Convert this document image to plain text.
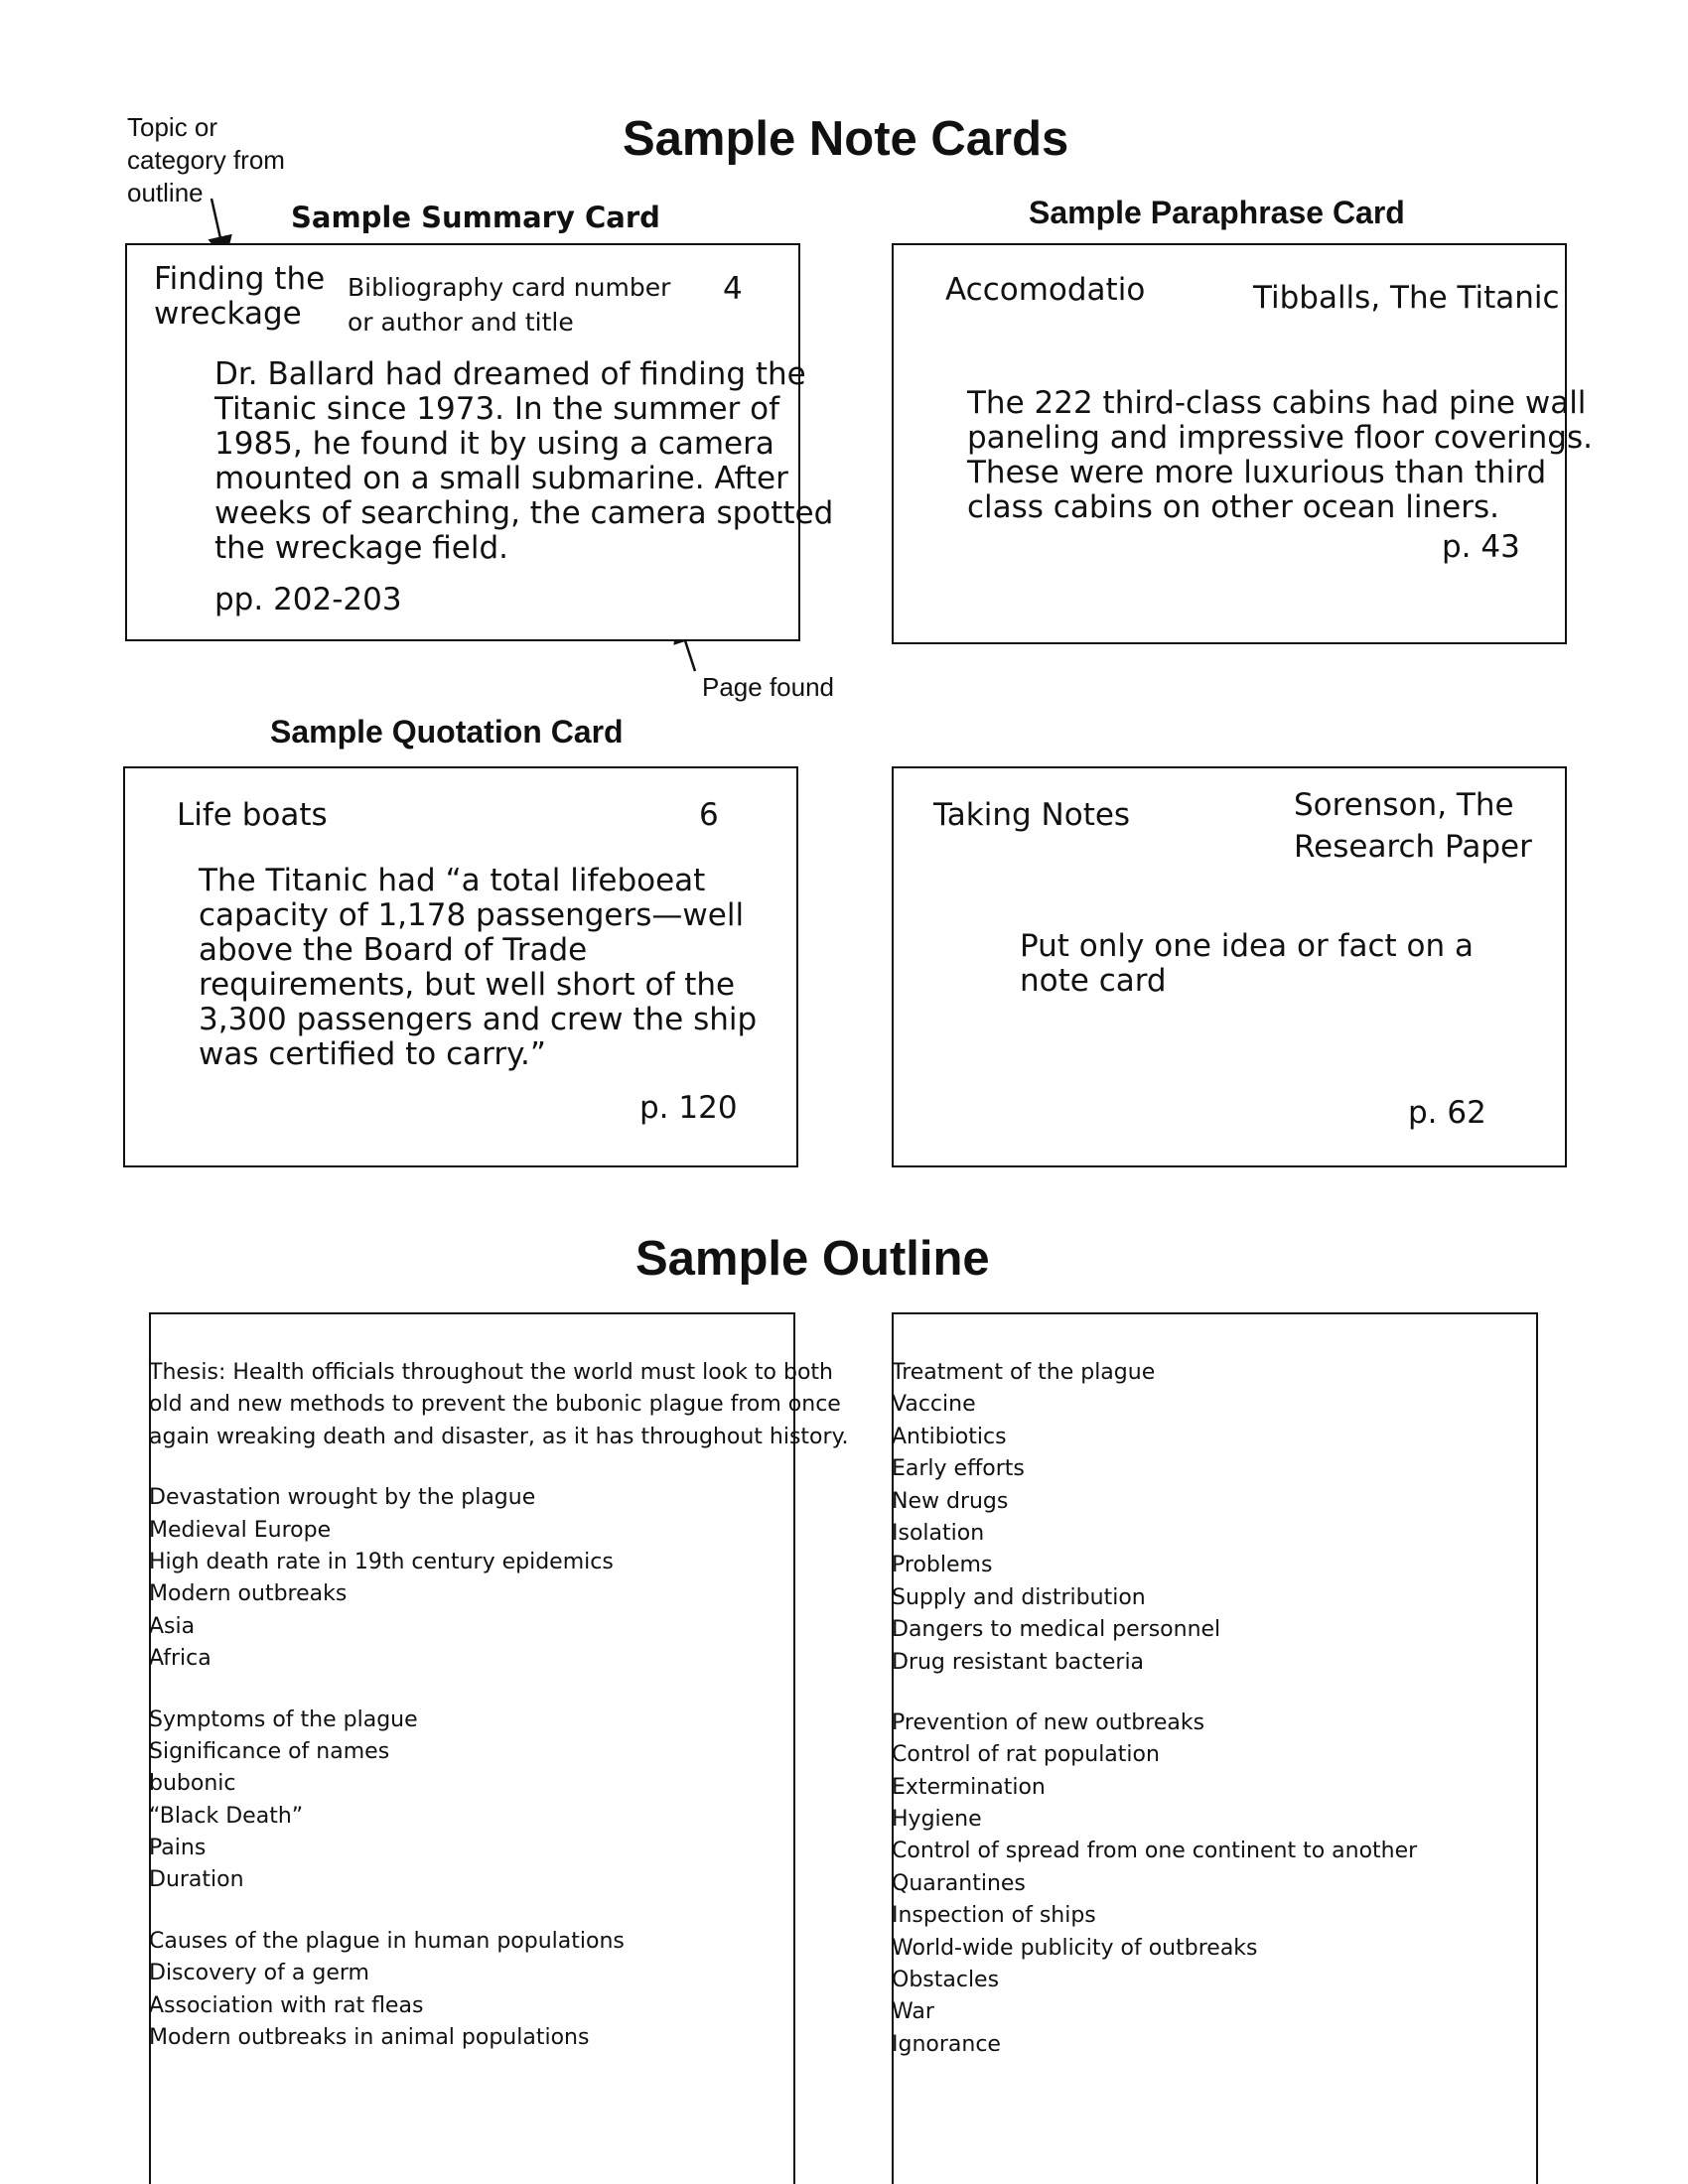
Sample Note Cards
Topic or
category from
outline
Sample Summary Card
Finding the
wreckage
Bibliography card number
or author and title
4
Dr. Ballard had dreamed of finding the
Titanic since 1973. In the summer of
1985, he found it by using a camera
mounted on a small submarine. After
weeks of searching, the camera spotted
the wreckage field.
pp. 202-203
Page found
Sample Paraphrase Card
Accomodatio	Tibballs, The Titanic
The 222 third-class cabins had pine wall
paneling and impressive floor coverings.
These were more luxurious than third
class cabins on other ocean liners.
p. 43
Sample Quotation Card
Life boats	6
The Titanic had “a total lifeboeat
capacity of 1,178 passengers—well
above the Board of Trade
requirements, but well short of the
3,300 passengers and crew the ship
was certified to carry.”
p. 120
Taking Notes	Sorenson, The
Research Paper
Put only one idea or fact on a
note card
p. 62
Sample Outline
Thesis: Health officials throughout the world must look to both
old and new methods to prevent the bubonic plague from once
again wreaking death and disaster, as it has throughout history.
Devastation wrought by the plague
Medieval Europe
High death rate in 19th century epidemics
Modern outbreaks
Asia
Africa
Symptoms of the plague
Significance of names
bubonic
“Black Death”
Pains
Duration
Causes of the plague in human populations
Discovery of a germ
Association with rat fleas
Modern outbreaks in animal populations
Treatment of the plague
Vaccine
Antibiotics
Early efforts
New drugs
Isolation
Problems
Supply and distribution
Dangers to medical personnel
Drug resistant bacteria
Prevention of new outbreaks
Control of rat population
Extermination
Hygiene
Control of spread from one continent to another
Quarantines
Inspection of ships
World-wide publicity of outbreaks
Obstacles
War
Ignorance
